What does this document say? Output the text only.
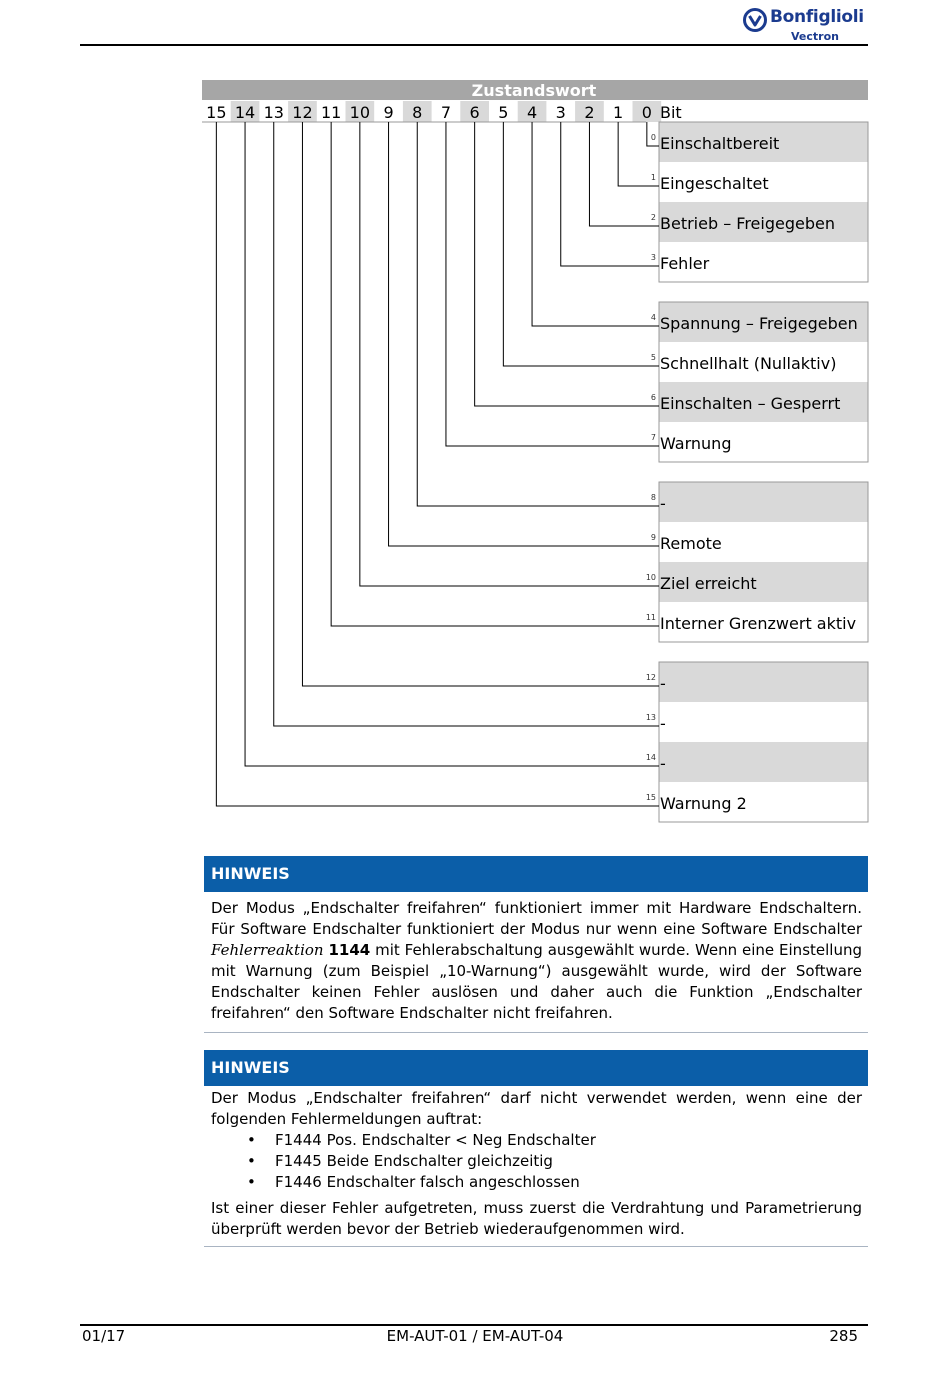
Bonfiglioli
Vectron
Zustandswort
15 14 13 12 11 10 9 8 7 6 5 4 3 2 1 0 Bit
Einschaltbereit
0
Eingeschaltet
1
Betrieb – Freigegeben
2
Fehler
3
Spannung – Freigegeben
4
Schnellhalt (Nullaktiv)
5
Einschalten – Gesperrt
6
Warnung
7
-
8
Remote
9
Ziel erreicht
10
Interner Grenzwert aktiv
11
-
12
-
13
-
14
Warnung 2
15
HINWEIS
Der Modus „Endschalter freifahren“ funktioniert immer mit Hardware Endschaltern. Für Software Endschalter funktioniert der Modus nur wenn eine Software Endschalter Fehlerreaktion 1144 mit Fehlerabschaltung ausgewählt wurde. Wenn eine Einstellung mit Warnung (zum Beispiel „10-Warnung“) ausgewählt wurde, wird der Software Endschalter keinen Fehler auslösen und daher auch die Funktion „Endschalter freifahren“ den Software Endschalter nicht freifahren.
HINWEIS
Der Modus „Endschalter freifahren“ darf nicht verwendet werden, wenn eine der folgenden Fehlermeldungen auftrat:
• F1444 Pos. Endschalter < Neg Endschalter
• F1445 Beide Endschalter gleichzeitig
• F1446 Endschalter falsch angeschlossen
Ist einer dieser Fehler aufgetreten, muss zuerst die Verdrahtung und Parametrierung überprüft werden bevor der Betrieb wiederaufgenommen wird.
01/17	EM-AUT-01 / EM-AUT-04	285
